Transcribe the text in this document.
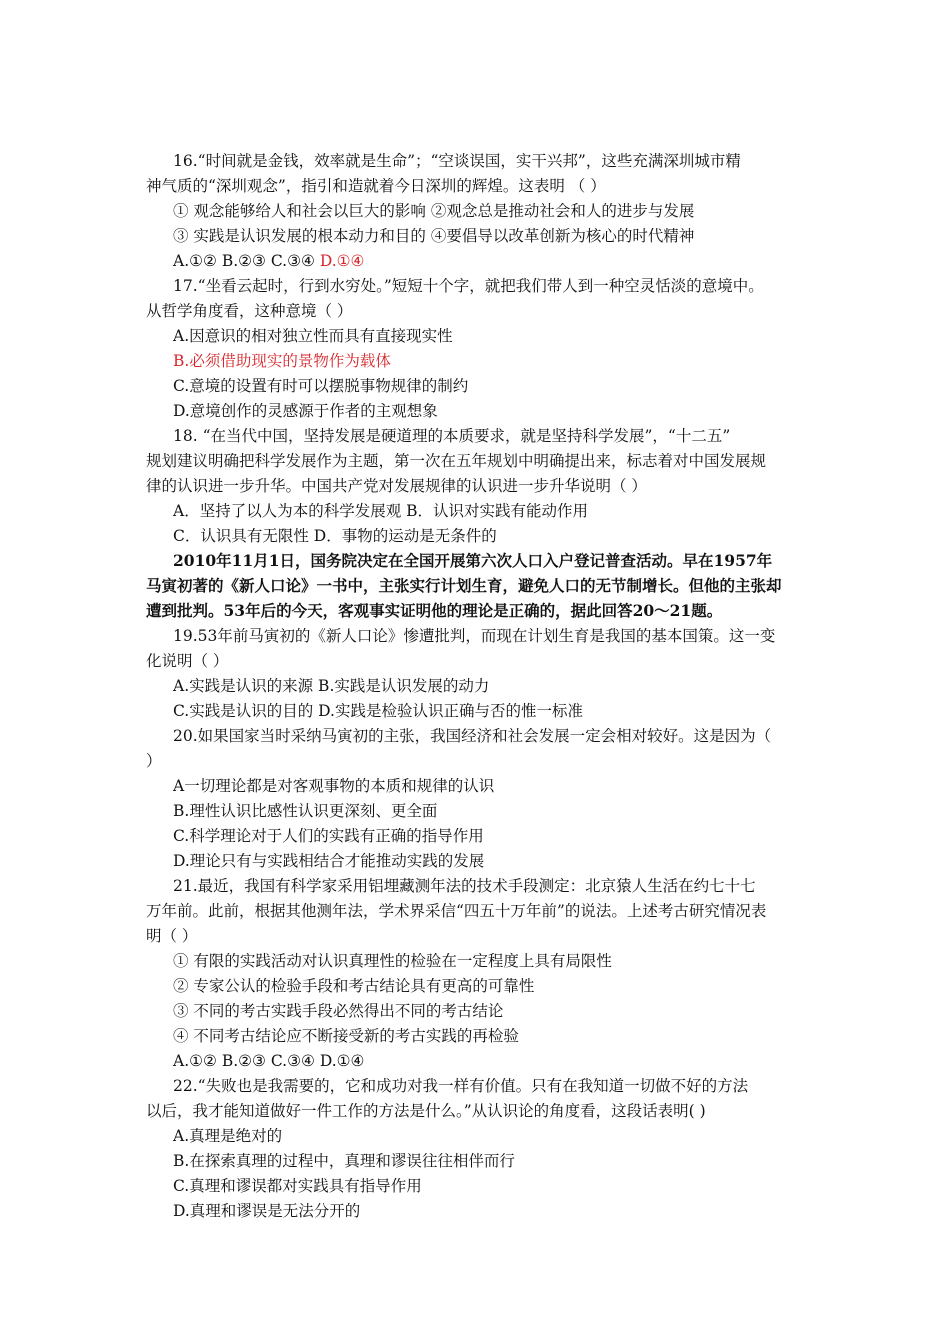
16.“时间就是金钱，效率就是生命”；“空谈误国，实干兴邦”，这些充满深圳城市精
神气质的“深圳观念”，指引和造就着今日深圳的辉煌。这表明 （ ）
① 观念能够给人和社会以巨大的影响 ②观念总是推动社会和人的进步与发展
③ 实践是认识发展的根本动力和目的 ④要倡导以改革创新为核心的时代精神
A.①② B.②③ C.③④ D.①④
17.“坐看云起时，行到水穷处。”短短十个字，就把我们带人到一种空灵恬淡的意境中。
从哲学角度看，这种意境（ ）
A.因意识的相对独立性而具有直接现实性
B.必须借助现实的景物作为载体
C.意境的设置有时可以摆脱事物规律的制约
D.意境创作的灵感源于作者的主观想象
18. “在当代中国，坚持发展是硬道理的本质要求，就是坚持科学发展”，“十二五”
规划建议明确把科学发展作为主题，第一次在五年规划中明确提出来，标志着对中国发展规
律的认识进一步升华。中国共产党对发展规律的认识进一步升华说明（ ）
A．坚持了以人为本的科学发展观 B．认识对实践有能动作用
C．认识具有无限性 D．事物的运动是无条件的
2010年11月1日，国务院决定在全国开展第六次人口入户登记普查活动。早在1957年
马寅初著的《新人口论》一书中，主张实行计划生育，避免人口的无节制增长。但他的主张却
遭到批判。53年后的今天，客观事实证明他的理论是正确的，据此回答20～21题。
19.53年前马寅初的《新人口论》惨遭批判，而现在计划生育是我国的基本国策。这一变
化说明（ ）
A.实践是认识的来源 B.实践是认识发展的动力
C.实践是认识的目的 D.实践是检验认识正确与否的惟一标准
20.如果国家当时采纳马寅初的主张，我国经济和社会发展一定会相对较好。这是因为（
）
A一切理论都是对客观事物的本质和规律的认识
B.理性认识比感性认识更深刻、更全面
C.科学理论对于人们的实践有正确的指导作用
D.理论只有与实践相结合才能推动实践的发展
21.最近，我国有科学家采用铝埋藏测年法的技术手段测定：北京猿人生活在约七十七
万年前。此前，根据其他测年法，学术界采信“四五十万年前”的说法。上述考古研究情况表
明（ ）
① 有限的实践活动对认识真理性的检验在一定程度上具有局限性
② 专家公认的检验手段和考古结论具有更高的可靠性
③ 不同的考古实践手段必然得出不同的考古结论
④ 不同考古结论应不断接受新的考古实践的再检验
A.①② B.②③ C.③④ D.①④
22.“失败也是我需要的，它和成功对我一样有价值。只有在我知道一切做不好的方法
以后，我才能知道做好一件工作的方法是什么。”从认识论的角度看，这段话表明( )
A.真理是绝对的
B.在探索真理的过程中，真理和谬误往往相伴而行
C.真理和谬误都对实践具有指导作用
D.真理和谬误是无法分开的
